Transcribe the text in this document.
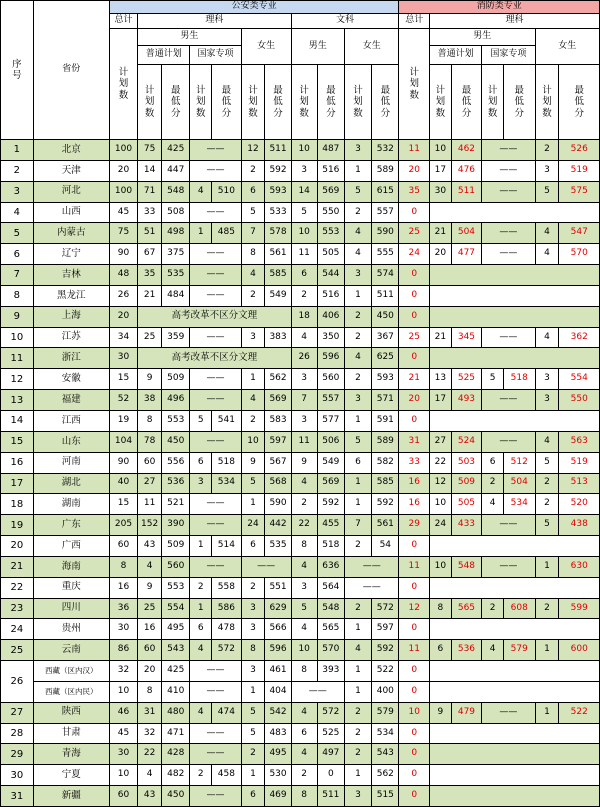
序号	省份	公安类专业											消防类专业						
		总计	理科						文科				总计	理科					

		计划数	男生				女生		男生		女生		计划数	男生				女生	
			普通计划		国家专项									普通计划		国家专项			

			计划数	最低分	计划数	最低分	计划数	最低分	计划数	最低分	计划数	最低分		计划数	最低分	计划数	最低分	计划数	最低分

1	北京	100	75	425	——		12	511	10	487	3	532	11	10	462	——		2	526
2	天津	20	14	447	——		2	592	3	516	1	589	20	17	476	——		3	519
3	河北	100	71	548	4	510	6	593	14	569	5	615	35	30	511	——		5	575
4	山西	45	33	508	——		5	533	5	550	2	557	0						
5	内蒙古	75	51	498	1	485	7	578	10	553	4	590	25	21	504	——		4	547
6	辽宁	90	67	375	——		8	561	11	505	4	555	24	20	477	——		4	570
7	吉林	48	35	535	——		4	585	6	544	3	574	0						
8	黑龙江	26	21	484	——		2	549	2	516	1	511	0						
9	上海	20	高考改革不区分文理						18	406	2	450	0						
10	江苏	34	25	359	——		3	383	4	350	2	367	25	21	345	——		4	362
11	浙江	30	高考改革不区分文理						26	596	4	625	0						
12	安徽	15	9	509	——		1	562	3	560	2	593	21	13	525	5	518	3	554
13	福建	52	38	496	——		4	569	7	557	3	571	20	17	493	——		3	550
14	江西	19	8	553	5	541	2	583	3	577	1	591	0						
15	山东	104	78	450	——		10	597	11	506	5	589	31	27	524	——		4	563
16	河南	90	60	556	6	518	9	567	9	549	6	582	33	22	503	6	512	5	519
17	湖北	40	27	536	3	534	5	568	4	569	1	585	16	12	509	2	504	2	513
18	湖南	15	11	521	——		1	590	2	592	1	592	16	10	505	4	534	2	520
19	广东	205	152	390	——		24	442	22	455	7	561	29	24	433	——		5	438
20	广西	60	43	509	1	514	6	535	8	518	2	54	0						
21	海南	8	4	560	——		——		4	636	——		11	10	548	——		1	630
22	重庆	16	9	553	2	558	2	551	3	564	——		0						
23	四川	36	25	554	1	586	3	629	5	548	2	572	12	8	565	2	608	2	599
24	贵州	30	16	495	6	478	3	566	4	565	1	597	0						
25	云南	86	60	543	4	572	8	596	10	570	4	592	11	6	536	4	579	1	600
26	西藏（区内汉）	32	20	425	——		3	461	8	393	1	522	0						
	西藏（区内民）	10	8	410	——		1	404	——		1	400	0						
27	陕西	46	31	480	4	474	5	542	4	572	2	579	10	9	479	——		1	522
28	甘肃	45	32	471	——		5	483	6	525	2	534	0						
29	青海	30	22	428	——		2	495	4	497	2	543	0						
30	宁夏	10	4	482	2	458	1	530	2	0	1	562	0						
31	新疆	60	43	450	——		6	469	8	511	3	515	0						
